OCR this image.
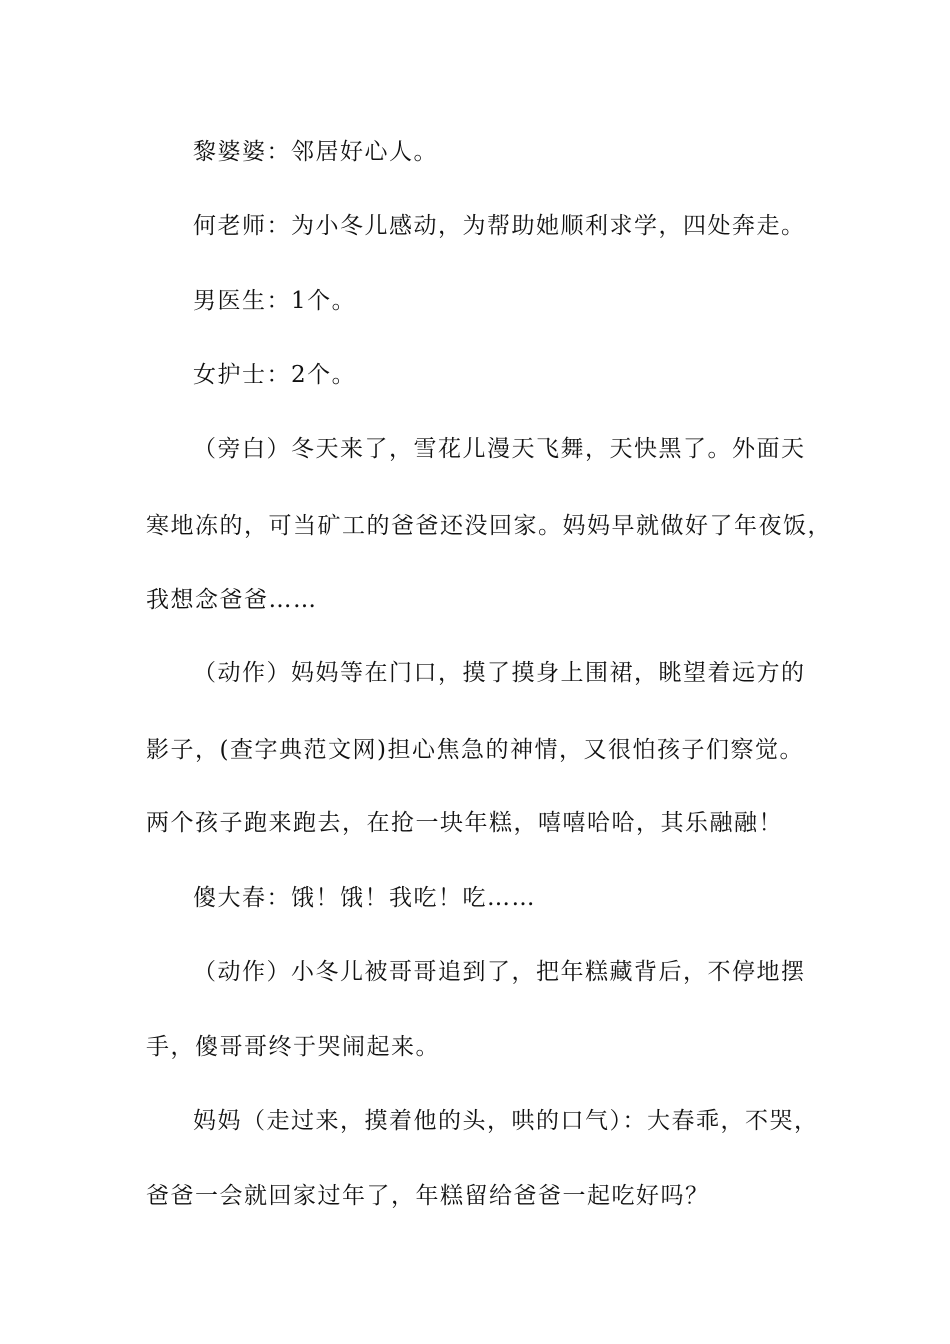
黎婆婆：邻居好心人。
何老师：为小冬儿感动，为帮助她顺利求学，四处奔走。
男医生：1个。
女护士：2个。
（旁白）冬天来了，雪花儿漫天飞舞，天快黑了。外面天
寒地冻的，可当矿工的爸爸还没回家。妈妈早就做好了年夜饭，
我想念爸爸……
（动作）妈妈等在门口，摸了摸身上围裙，眺望着远方的
影子，(查字典范文网)担心焦急的神情，又很怕孩子们察觉。
两个孩子跑来跑去，在抢一块年糕，嘻嘻哈哈，其乐融融！
傻大春：饿！饿！我吃！吃……
（动作）小冬儿被哥哥追到了，把年糕藏背后，不停地摆
手，傻哥哥终于哭闹起来。
妈妈（走过来，摸着他的头，哄的口气）：大春乖，不哭，
爸爸一会就回家过年了，年糕留给爸爸一起吃好吗？
